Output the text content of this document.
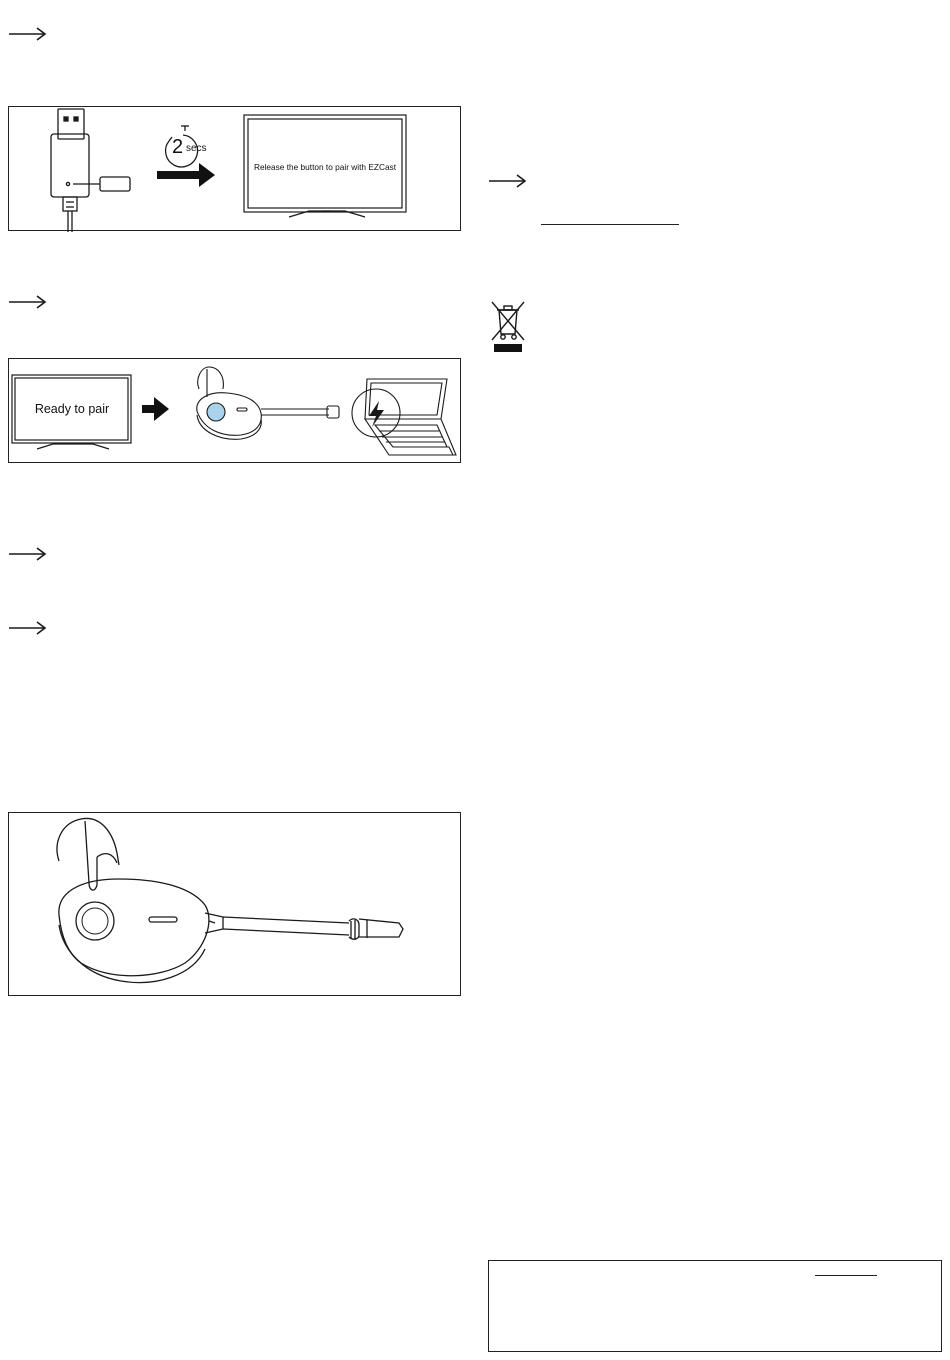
2 secs
Release the button to pair with EZCast
Ready to pair
